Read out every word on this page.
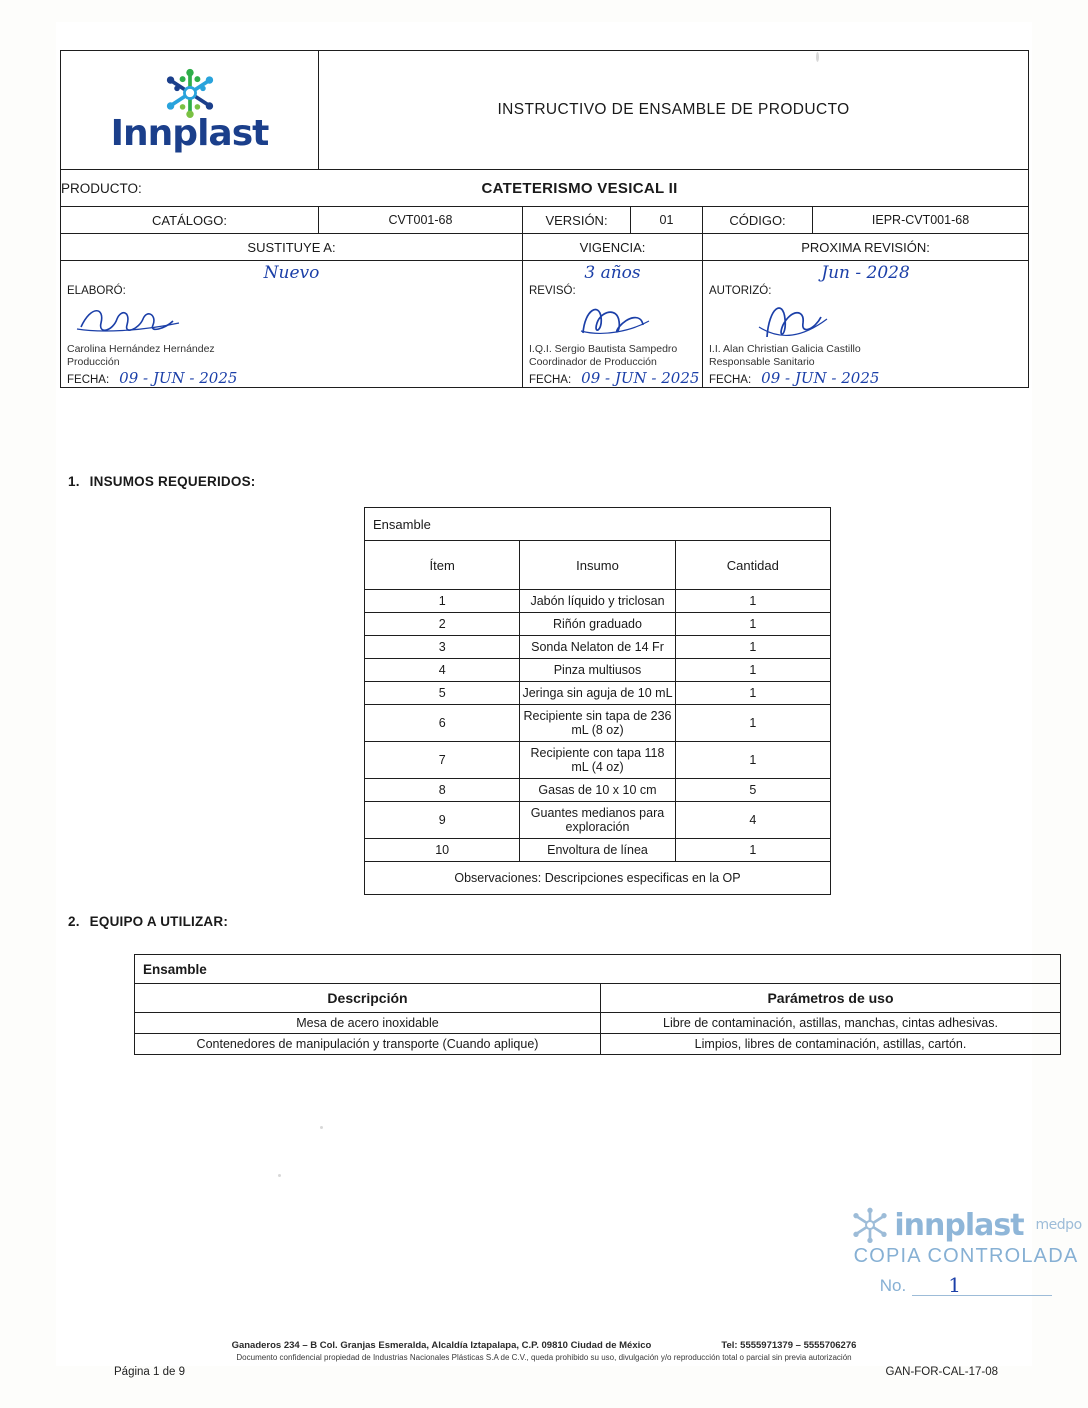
Innplast	INSTRUCTIVO DE ENSAMBLE DE PRODUCTO				

PRODUCTO: CATETERISMO VESICAL II					

CATÁLOGO:	CVT001-68	VERSIÓN:	01	CÓDIGO:	IEPR-CVT001-68
SUSTITUYE A:		VIGENCIA:		PROXIMA REVISIÓN:	

Nuevo
ELABORÓ:
Carolina Hernández Hernández
Producción
FECHA: 09 - JUN - 2025

3 años
REVISÓ:
I.Q.I. Sergio Bautista Sampedro
Coordinador de Producción
FECHA: 09 - JUN - 2025

Jun - 2028
AUTORIZÓ:
I.I. Alan Christian Galicia Castillo
Responsable Sanitario
FECHA: 09 - JUN - 2025
1. INSUMOS REQUERIDOS:
Ensamble		
Ítem	Insumo	Cantidad
1	Jabón líquido y triclosan	1
2	Riñón graduado	1
3	Sonda Nelaton de 14 Fr	1
4	Pinza multiusos	1
5	Jeringa sin aguja de 10 mL	1
6	Recipiente sin tapa de 236 mL (8 oz)	1
7	Recipiente con tapa 118 mL (4 oz)	1
8	Gasas de 10 x 10 cm	5
9	Guantes medianos para exploración	4
10	Envoltura de línea	1
Observaciones: Descripciones especificas en la OP		
2. EQUIPO A UTILIZAR:
Ensamble	
Descripción	Parámetros de uso
Mesa de acero inoxidable	Libre de contaminación, astillas, manchas, cintas adhesivas.
Contenedores de manipulación y transporte (Cuando aplique)	Limpios, libres de contaminación, astillas, cartón.
innplast medpo
COPIA CONTROLADA
No. 1
Ganaderos 234 – B Col. Granjas Esmeralda, Alcaldía Iztapalapa, C.P. 09810 Ciudad de México	Tel: 5555971379 – 5555706276
Documento confidencial propiedad de Industrias Nacionales Plásticas S.A de C.V., queda prohibido su uso, divulgación y/o reproducción total o parcial sin previa autorización
Página 1 de 9	GAN-FOR-CAL-17-08
